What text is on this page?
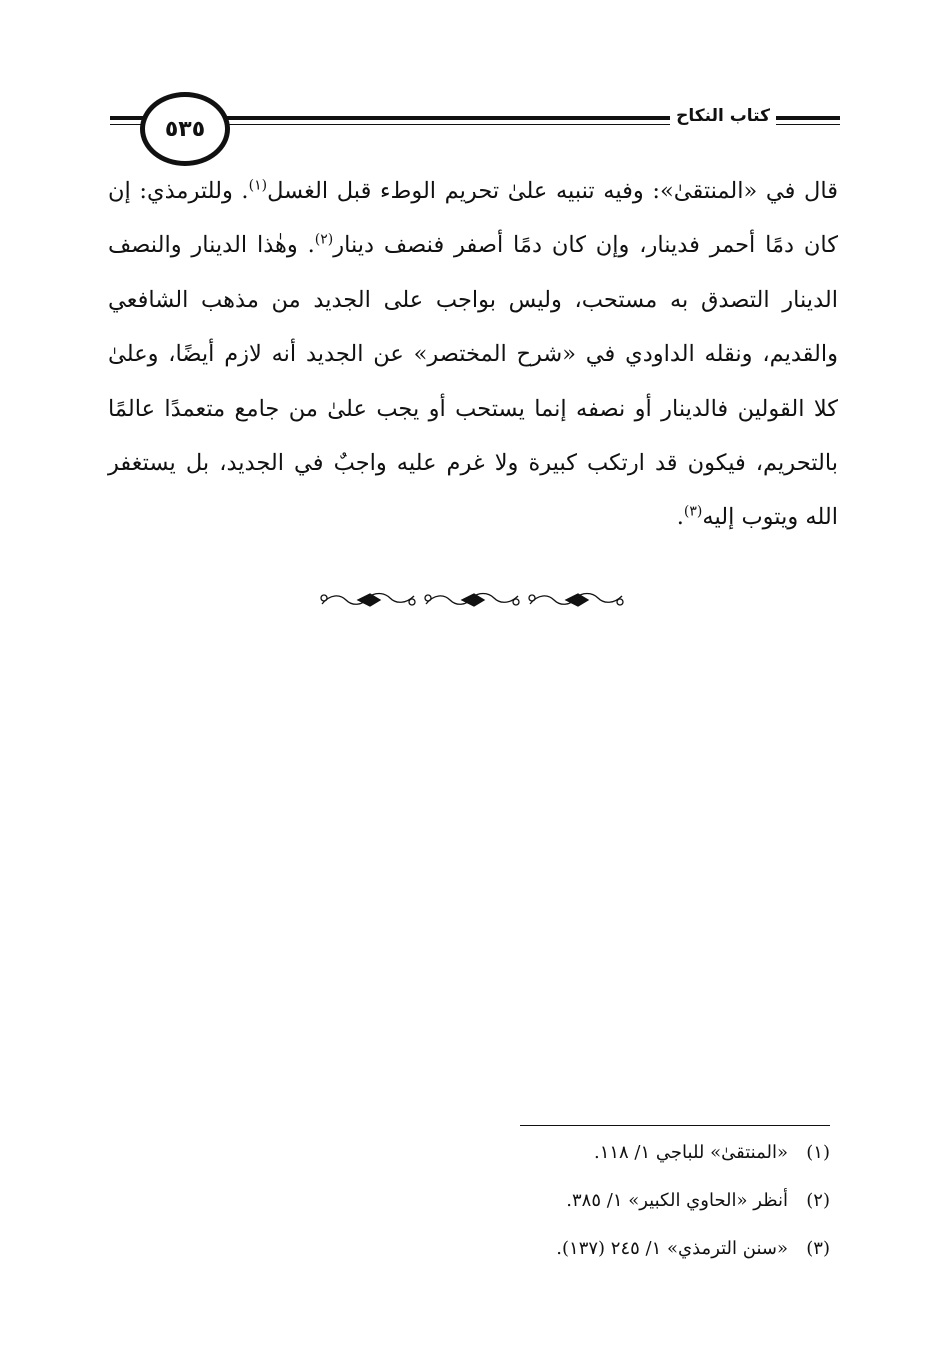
٥٣٥
كتاب النكاح

قال في «المنتقىٰ»: وفيه تنبيه علىٰ تحريم الوطء قبل الغسل$^{(١)}$. وللترمذي: إن كان دمًا أحمر فدينار، وإن كان دمًا أصفر فنصف دينار$^{(٢)}$. وهٰذا الدينار والنصف الدينار التصدق به مستحب، وليس بواجب على الجديد من مذهب الشافعي والقديم، ونقله الداودي في «شرح المختصر» عن الجديد أنه لازم أيضًا، وعلىٰ كلا القولين فالدينار أو نصفه إنما يستحب أو يجب علىٰ من جامع متعمدًا عالمًا بالتحريم، فيكون قد ارتكب كبيرة ولا غرم عليه واجبٌ في الجديد، بل يستغفر الله ويتوب إليه$^{(٣)}$.

(١)
«المنتقىٰ» للباجي ١/ ١١٨.
(٢)
أنظر «الحاوي الكبير» ١/ ٣٨٥.
(٣)
«سنن الترمذي» ١/ ٢٤٥ (١٣٧).
